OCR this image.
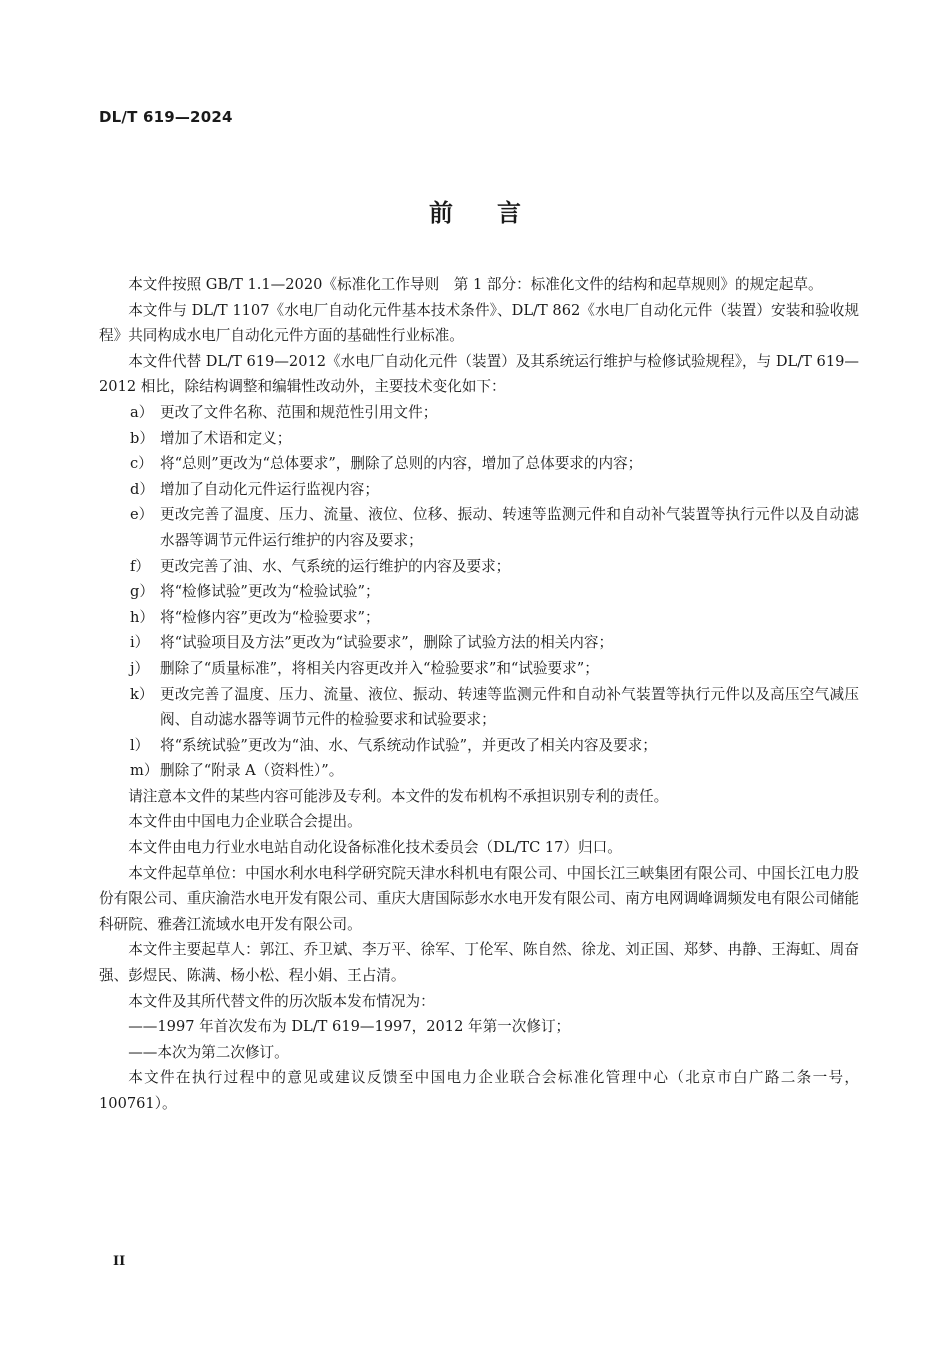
DL/T 619—2024
前言

本文件按照 GB/T 1.1—2020《标准化工作导则　第 1 部分：标准化文件的结构和起草规则》的规定起草。

本文件与 DL/T 1107《水电厂自动化元件基本技术条件》、DL/T 862《水电厂自动化元件（装置）安装和验收规程》共同构成水电厂自动化元件方面的基础性行业标准。

本文件代替 DL/T 619—2012《水电厂自动化元件（装置）及其系统运行维护与检修试验规程》，与 DL/T 619—2012 相比，除结构调整和编辑性改动外，主要技术变化如下：

a） 更改了文件名称、范围和规范性引用文件；
b） 增加了术语和定义；
c） 将“总则”更改为“总体要求”，删除了总则的内容，增加了总体要求的内容；
d） 增加了自动化元件运行监视内容；
e） 更改完善了温度、压力、流量、液位、位移、振动、转速等监测元件和自动补气装置等执行元件以及自动滤水器等调节元件运行维护的内容及要求；
f） 更改完善了油、水、气系统的运行维护的内容及要求；
g） 将“检修试验”更改为“检验试验”；
h） 将“检修内容”更改为“检验要求”；
i） 将“试验项目及方法”更改为“试验要求”，删除了试验方法的相关内容；
j） 删除了“质量标准”，将相关内容更改并入“检验要求”和“试验要求”；
k） 更改完善了温度、压力、流量、液位、振动、转速等监测元件和自动补气装置等执行元件以及高压空气减压阀、自动滤水器等调节元件的检验要求和试验要求；
l） 将“系统试验”更改为“油、水、气系统动作试验”，并更改了相关内容及要求；
m） 删除了“附录 A（资料性）”。

请注意本文件的某些内容可能涉及专利。本文件的发布机构不承担识别专利的责任。

本文件由中国电力企业联合会提出。

本文件由电力行业水电站自动化设备标准化技术委员会（DL/TC 17）归口。

本文件起草单位：中国水利水电科学研究院天津水科机电有限公司、中国长江三峡集团有限公司、中国长江电力股份有限公司、重庆渝浩水电开发有限公司、重庆大唐国际彭水水电开发有限公司、南方电网调峰调频发电有限公司储能科研院、雅砻江流域水电开发有限公司。

本文件主要起草人：郭江、乔卫斌、李万平、徐军、丁伦军、陈自然、徐龙、刘正国、郑梦、冉静、王海虹、周奋强、彭煜民、陈满、杨小松、程小娟、王占清。

本文件及其所代替文件的历次版本发布情况为：

——1997 年首次发布为 DL/T 619—1997，2012 年第一次修订；

——本次为第二次修订。

本文件在执行过程中的意见或建议反馈至中国电力企业联合会标准化管理中心（北京市白广路二条一号，100761）。

II
